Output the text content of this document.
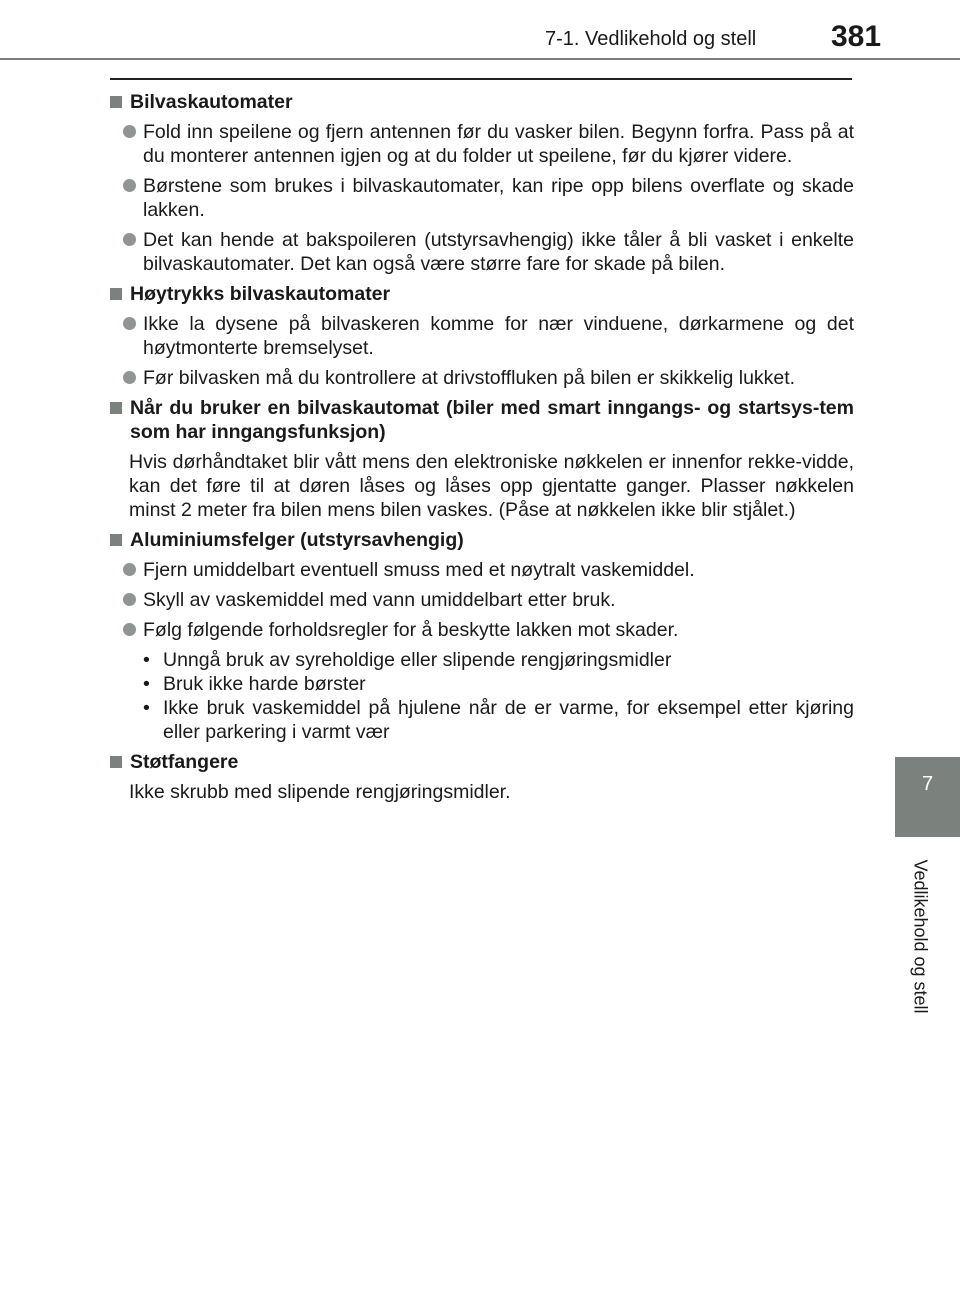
7-1. Vedlikehold og stell 381
7
Vedlikehold og stell
Bilvaskautomater
Fold inn speilene og fjern antennen før du vasker bilen. Begynn forfra. Pass på at du monterer antennen igjen og at du folder ut speilene, før du kjører videre.
Børstene som brukes i bilvaskautomater, kan ripe opp bilens overflate og skade lakken.
Det kan hende at bakspoileren (utstyrsavhengig) ikke tåler å bli vasket i enkelte bilvaskautomater. Det kan også være større fare for skade på bilen.
Høytrykks bilvaskautomater
Ikke la dysene på bilvaskeren komme for nær vinduene, dørkarmene og det høytmonterte bremselyset.
Før bilvasken må du kontrollere at drivstoffluken på bilen er skikkelig lukket.
Når du bruker en bilvaskautomat (biler med smart inngangs- og startsys-tem som har inngangsfunksjon)
Hvis dørhåndtaket blir vått mens den elektroniske nøkkelen er innenfor rekke-vidde, kan det føre til at døren låses og låses opp gjentatte ganger. Plasser nøkkelen minst 2 meter fra bilen mens bilen vaskes. (Påse at nøkkelen ikke blir stjålet.)
Aluminiumsfelger (utstyrsavhengig)
Fjern umiddelbart eventuell smuss med et nøytralt vaskemiddel.
Skyll av vaskemiddel med vann umiddelbart etter bruk.
Følg følgende forholdsregler for å beskytte lakken mot skader.
• Unngå bruk av syreholdige eller slipende rengjøringsmidler
• Bruk ikke harde børster
• Ikke bruk vaskemiddel på hjulene når de er varme, for eksempel etter kjøring eller parkering i varmt vær
Støtfangere
Ikke skrubb med slipende rengjøringsmidler.
